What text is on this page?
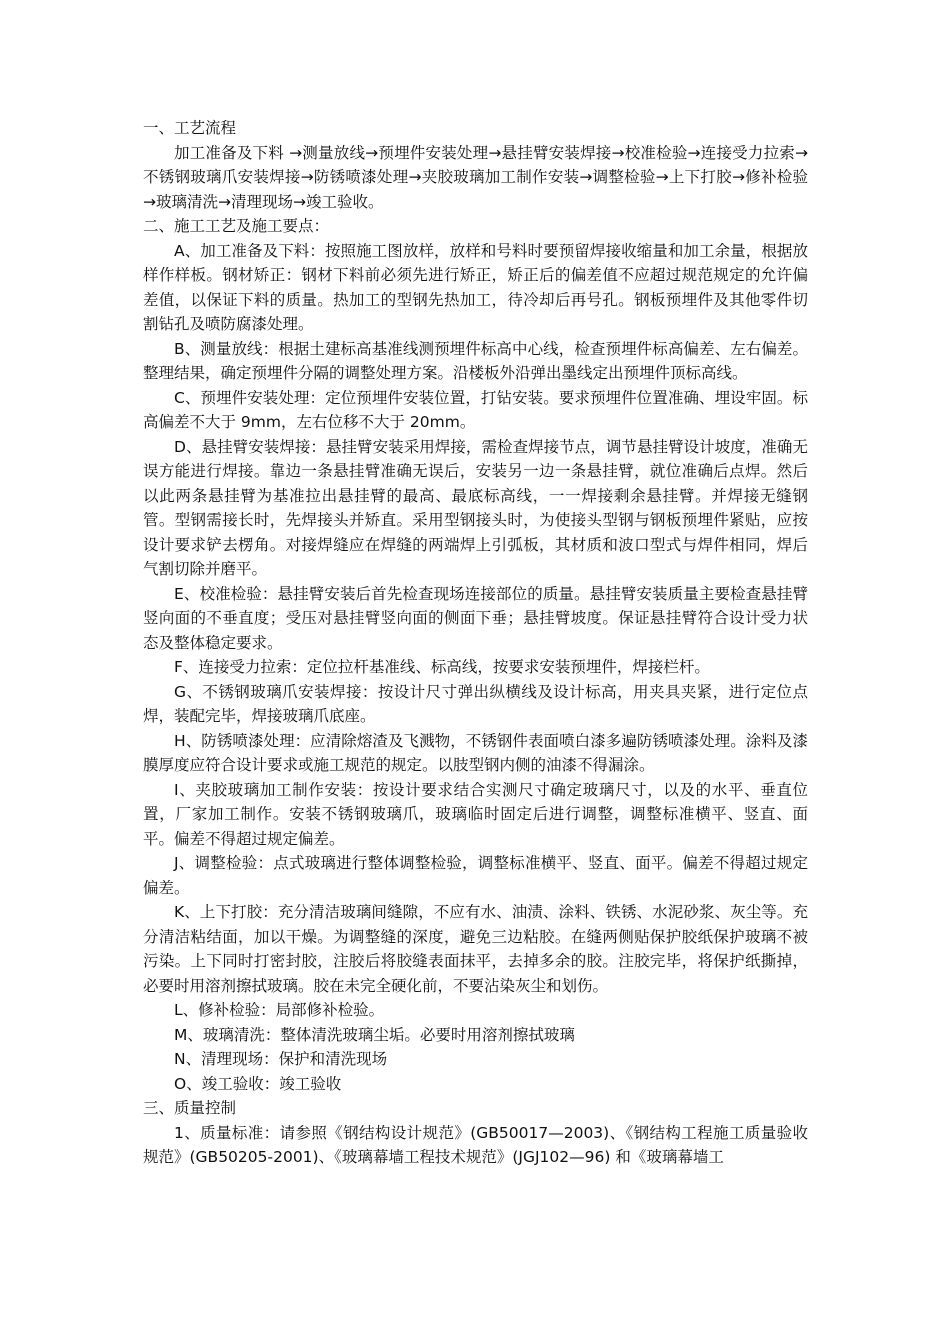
一、工艺流程

加工准备及下料 →测量放线→预埋件安装处理→悬挂臂安装焊接→校准检验→连接受力拉索→不锈钢玻璃爪安装焊接→防锈喷漆处理→夹胶玻璃加工制作安装→调整检验→上下打胶→修补检验→玻璃清洗→清理现场→竣工验收。

二、施工工艺及施工要点：

A、加工准备及下料：按照施工图放样，放样和号料时要预留焊接收缩量和加工余量，根据放样作样板。钢材矫正：钢材下料前必须先进行矫正，矫正后的偏差值不应超过规范规定的允许偏差值，以保证下料的质量。热加工的型钢先热加工，待冷却后再号孔。钢板预埋件及其他零件切割钻孔及喷防腐漆处理。

B、测量放线：根据土建标高基准线测预埋件标高中心线，检查预埋件标高偏差、左右偏差。整理结果，确定预埋件分隔的调整处理方案。沿楼板外沿弹出墨线定出预埋件顶标高线。

C、预埋件安装处理：定位预埋件安装位置，打钻安装。要求预埋件位置准确、埋设牢固。标高偏差不大于 9mm，左右位移不大于 20mm。

D、悬挂臂安装焊接：悬挂臂安装采用焊接，需检查焊接节点，调节悬挂臂设计坡度，准确无误方能进行焊接。靠边一条悬挂臂准确无误后，安装另一边一条悬挂臂，就位准确后点焊。然后以此两条悬挂臂为基准拉出悬挂臂的最高、最底标高线，一一焊接剩余悬挂臂。并焊接无缝钢管。型钢需接长时，先焊接头并矫直。采用型钢接头时，为使接头型钢与钢板预埋件紧贴，应按设计要求铲去楞角。对接焊缝应在焊缝的两端焊上引弧板，其材质和波口型式与焊件相同，焊后气割切除并磨平。

E、校准检验：悬挂臂安装后首先检查现场连接部位的质量。悬挂臂安装质量主要检查悬挂臂竖向面的不垂直度；受压对悬挂臂竖向面的侧面下垂；悬挂臂坡度。保证悬挂臂符合设计受力状态及整体稳定要求。

F、连接受力拉索：定位拉杆基准线、标高线，按要求安装预埋件，焊接栏杆。

G、不锈钢玻璃爪安装焊接：按设计尺寸弹出纵横线及设计标高，用夹具夹紧，进行定位点焊，装配完毕，焊接玻璃爪底座。

H、防锈喷漆处理：应清除熔渣及飞溅物，不锈钢件表面喷白漆多遍防锈喷漆处理。涂料及漆膜厚度应符合设计要求或施工规范的规定。以肢型钢内侧的油漆不得漏涂。

I、夹胶玻璃加工制作安装：按设计要求结合实测尺寸确定玻璃尺寸，以及的水平、垂直位置，厂家加工制作。安装不锈钢玻璃爪，玻璃临时固定后进行调整，调整标准横平、竖直、面平。偏差不得超过规定偏差。

J、调整检验：点式玻璃进行整体调整检验，调整标准横平、竖直、面平。偏差不得超过规定偏差。

K、上下打胶：充分清洁玻璃间缝隙，不应有水、油渍、涂料、铁锈、水泥砂浆、灰尘等。充分清洁粘结面，加以干燥。为调整缝的深度，避免三边粘胶。在缝两侧贴保护胶纸保护玻璃不被污染。上下同时打密封胶，注胶后将胶缝表面抹平，去掉多余的胶。注胶完毕，将保护纸撕掉，必要时用溶剂擦拭玻璃。胶在未完全硬化前，不要沾染灰尘和划伤。

L、修补检验：局部修补检验。

M、玻璃清洗：整体清洗玻璃尘垢。必要时用溶剂擦拭玻璃

N、清理现场：保护和清洗现场

O、竣工验收：竣工验收

三、质量控制

1、质量标准：请参照《钢结构设计规范》(GB50017—2003)、《钢结构工程施工质量验收规范》(GB50205-2001)、《玻璃幕墙工程技术规范》(JGJ102—96) 和《玻璃幕墙工
